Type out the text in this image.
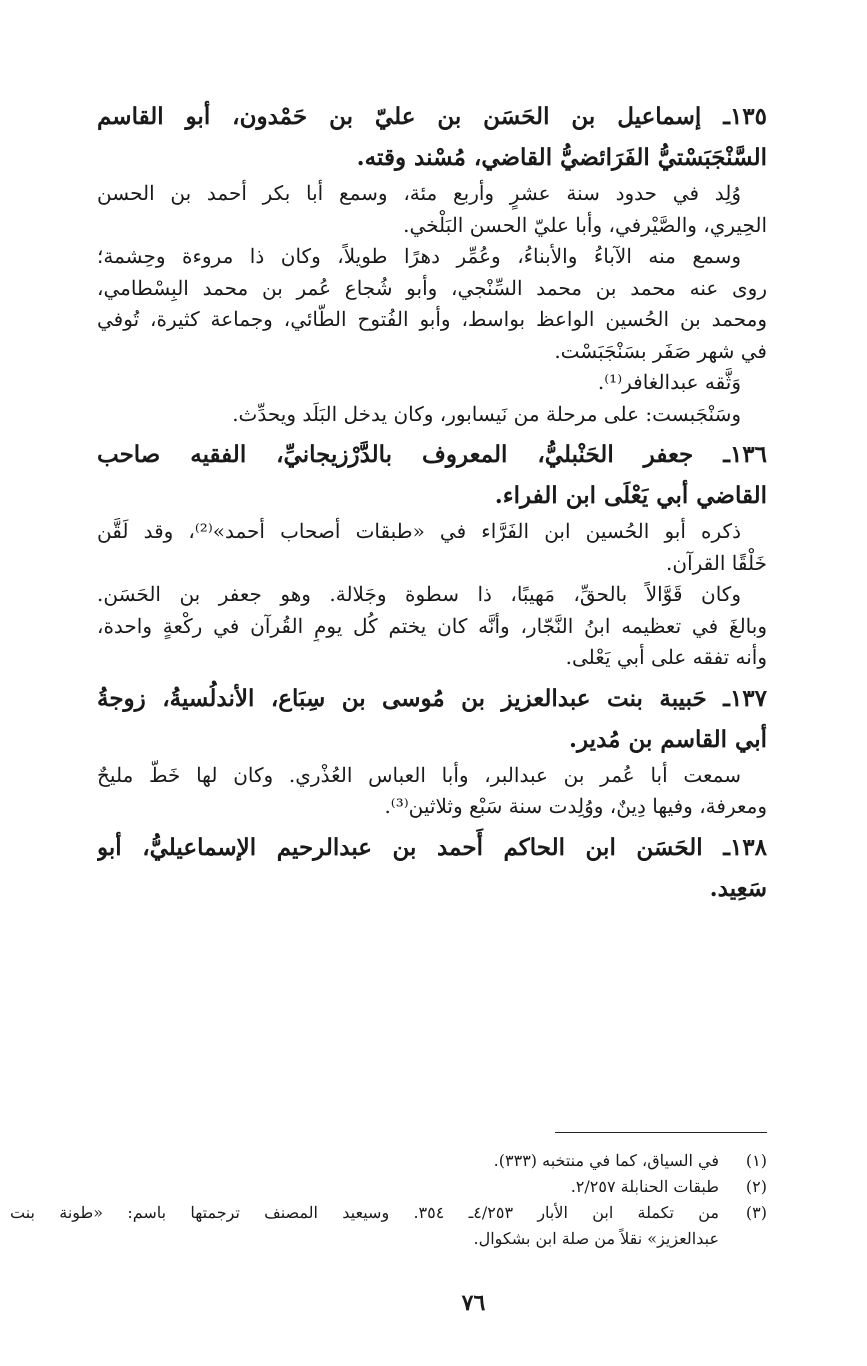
١٣٥ـ إسماعيل بن الحَسَن بن عليّ بن حَمْدون، أبو القاسم

السَّنْجَبَسْتيُّ الفَرَائضيُّ القاضي، مُسْند وقته.

وُلِد في حدود سنة عشرٍ وأربع مئة، وسمع أبا بكر أحمد بن الحسن

الحِيري، والصَّيْرفي، وأبا عليّ الحسن البَلْخي.

وسمع منه الآباءُ والأبناءُ، وعُمِّر دهرًا طويلاً، وكان ذا مروءة وحِشمة؛

روى عنه محمد بن محمد السِّنْجي، وأبو شُجاع عُمر بن محمد البِسْطامي،

ومحمد بن الحُسين الواعظ بواسط، وأبو الفُتوح الطَّائي، وجماعة كثيرة، تُوفي

في شهر صَفَر بسَنْجَبَسْت.

وَثَّقه عبدالغافر⁽¹⁾.

وسَنْجَبست: على مرحلة من نَيسابور، وكان يدخل البَلَد ويحدِّث.

١٣٦ـ جعفر الحَنْبليُّ، المعروف بالدَّرْزيجانيِّ، الفقيه صاحب

القاضي أبي يَعْلَى ابن الفراء.

ذكره أبو الحُسين ابن الفَرَّاء في «طبقات أصحاب أحمد»⁽²⁾، وقد لَقَّن

خَلْقًا القرآن.

وكان قَوَّالاً بالحقِّ، مَهيبًا، ذا سطوة وجَلالة. وهو جعفر بن الحَسَن.

وبالغَ في تعظيمه ابنُ النَّجّار، وأنَّه كان يختم كُل يومٍ القُرآن في ركْعةٍ واحدة،

وأنه تفقه على أبي يَعْلى.

١٣٧ـ حَبيبة بنت عبدالعزيز بن مُوسى بن سِبَاع، الأندلُسيةُ، زوجةُ

أبي القاسم بن مُدير.

سمعت أبا عُمر بن عبدالبر، وأبا العباس العُذْري. وكان لها خَطٌّ مليحٌ

ومعرفة، وفيها دِينٌ، ووُلِدت سنة سَبْع وثلاثين⁽³⁾.

١٣٨ـ الحَسَن ابن الحاكم أَحمد بن عبدالرحيم الإسماعيليُّ، أبو

سَعِيد.

(١)
في السياق، كما في منتخبه (٣٣٣).
(٢)
طبقات الحنابلة ٢/٢٥٧.
(٣)
من تكملة ابن الأبار ٤/٢٥٣ـ ٣٥٤. وسيعيد المصنف ترجمتها باسم: «طونة بنت
عبدالعزيز» نقلاً من صلة ابن بشكوال.
٧٦
